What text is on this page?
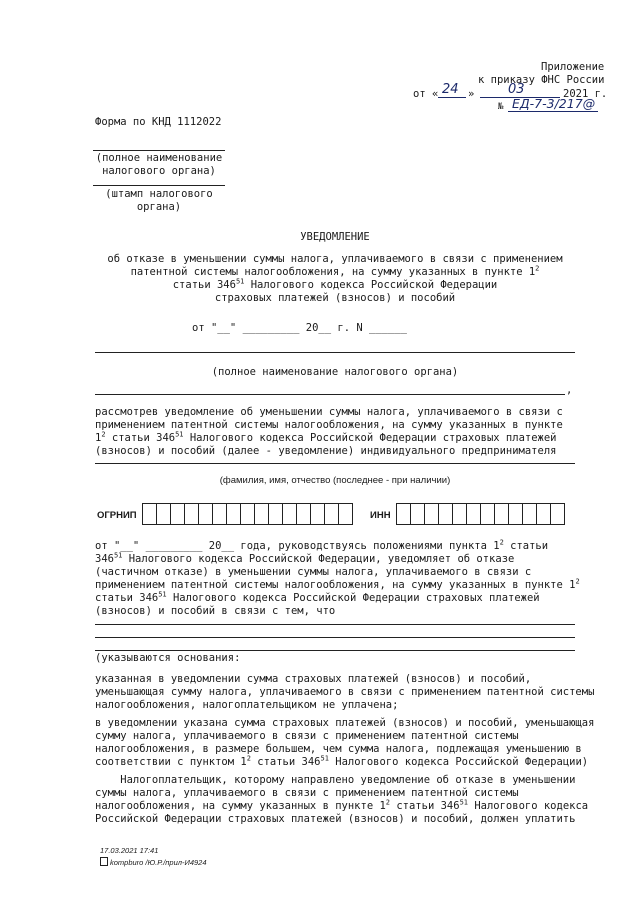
Приложение
к приказу ФНС России
от « 24 »	03	2021 г.
№ ЕД-7-3/217@
Форма по КНД 1112022
(полное наименование
налогового органа)
(штамп налогового
органа)
УВЕДОМЛЕНИЕ
об отказе в уменьшении суммы налога, уплачиваемого в связи с применением
патентной системы налогообложения, на сумму указанных в пункте $1^2$
статьи $346^{51}$ Налогового кодекса Российской Федерации
страховых платежей (взносов) и пособий
от "__" _________ 20__ г. N ______
(полное наименование налогового органа)
,
рассмотрев уведомление об уменьшении суммы налога, уплачиваемого в связи с
применением патентной системы налогообложения, на сумму указанных в пункте
$1^2$ статьи $346^{51}$ Налогового кодекса Российской Федерации страховых платежей
(взносов) и пособий (далее - уведомление) индивидуального предпринимателя
(фамилия, имя, отчество (последнее - при наличии)
ОГРНИП	ИНН
от "__" _________ 20__ года, руководствуясь положениями пункта $1^2$ статьи
$346^{51}$ Налогового кодекса Российской Федерации, уведомляет об отказе
(частичном отказе) в уменьшении суммы налога, уплачиваемого в связи с
применением патентной системы налогообложения, на сумму указанных в пункте $1^2$
статьи $346^{51}$ Налогового кодекса Российской Федерации страховых платежей
(взносов) и пособий в связи с тем, что
(указываются основания:
указанная в уведомлении сумма страховых платежей (взносов) и пособий,
уменьшающая сумму налога, уплачиваемого в связи с применением патентной системы
налогообложения, налогоплательщиком не уплачена;
в уведомлении указана сумма страховых платежей (взносов) и пособий, уменьшающая
сумму налога, уплачиваемого в связи с применением патентной системы
налогообложения, в размере большем, чем сумма налога, подлежащая уменьшению в
соответствии с пунктом $1^2$ статьи $346^{51}$ Налогового кодекса Российской Федерации)
Налогоплательщик, которому направлено уведомление об отказе в уменьшении
суммы налога, уплачиваемого в связи с применением патентной системы
налогообложения, на сумму указанных в пункте $1^2$ статьи $346^{51}$ Налогового кодекса
Российской Федерации страховых платежей (взносов) и пособий, должен уплатить
17.03.2021 17:41
kompburo /Ю.Р./прил-И4924
